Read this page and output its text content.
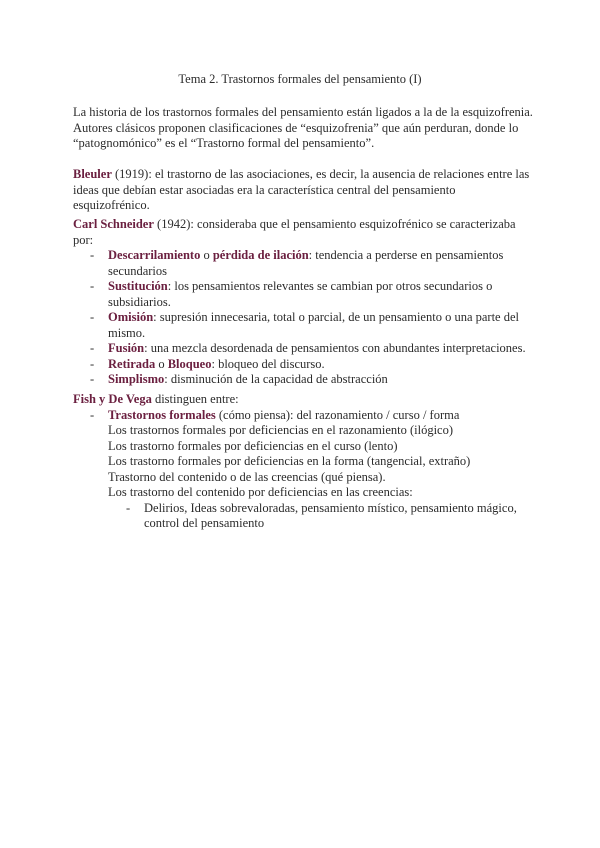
Tema 2. Trastornos formales del pensamiento (I)
La historia de los trastornos formales del pensamiento están ligados a la de la esquizofrenia. Autores clásicos proponen clasificaciones de “esquizofrenia” que aún perduran, donde lo “patognomónico” es el “Trastorno formal del pensamiento”.
Bleuler (1919): el trastorno de las asociaciones, es decir, la ausencia de relaciones entre las ideas que debían estar asociadas era la característica central del pensamiento esquizofrénico.
Carl Schneider (1942): consideraba que el pensamiento esquizofrénico se caracterizaba por:
- Descarrilamiento o pérdida de ilación: tendencia a perderse en pensamientos secundarios
- Sustitución: los pensamientos relevantes se cambian por otros secundarios o subsidiarios.
- Omisión: supresión innecesaria, total o parcial, de un pensamiento o una parte del mismo.
- Fusión: una mezcla desordenada de pensamientos con abundantes interpretaciones.
- Retirada o Bloqueo: bloqueo del discurso.
- Simplismo: disminución de la capacidad de abstracción
Fish y De Vega distinguen entre:
- Trastornos formales (cómo piensa): del razonamiento / curso / forma
Los trastornos formales por deficiencias en el razonamiento (ilógico)
Los trastorno formales por deficiencias en el curso (lento)
Los trastorno formales por deficiencias en la forma (tangencial, extraño)
Trastorno del contenido o de las creencias (qué piensa).
Los trastorno del contenido por deficiencias en las creencias:
- Delirios, Ideas sobrevaloradas, pensamiento místico, pensamiento mágico, control del pensamiento
